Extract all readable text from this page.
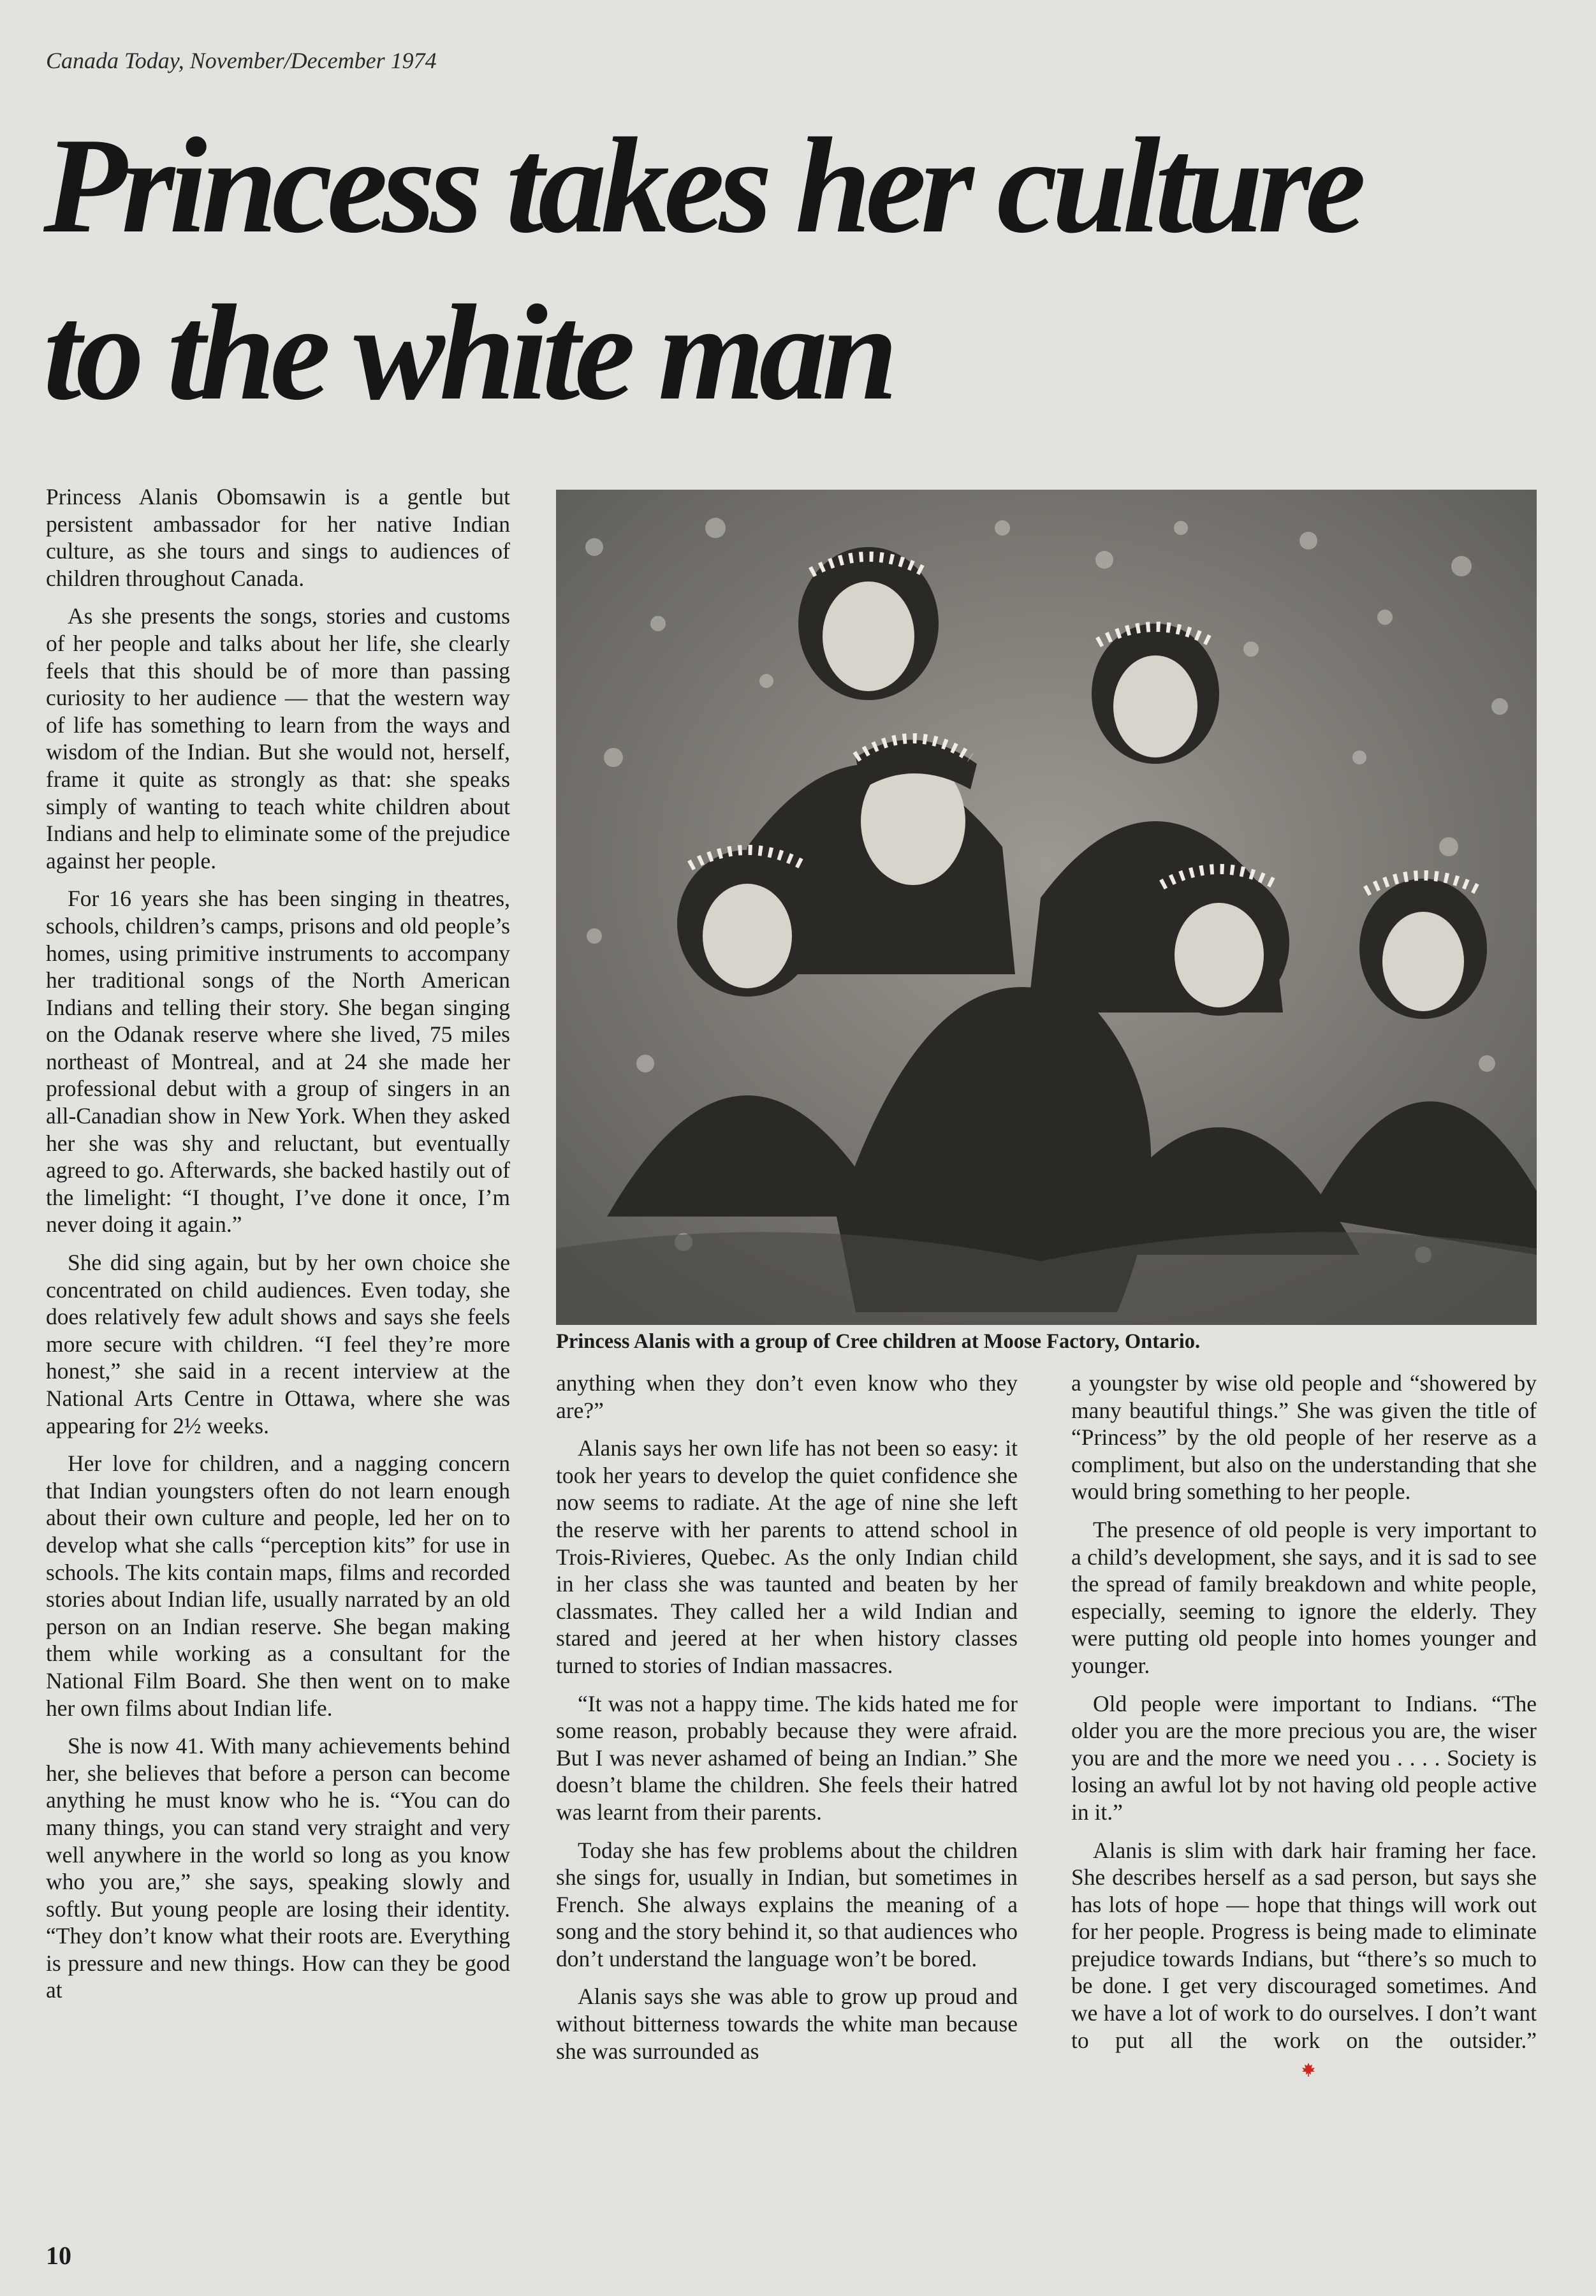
Canada Today, November/December 1974
Princess takes her culture
to the white man

Princess Alanis Obomsawin is a gentle but persistent ambassador for her native Indian culture, as she tours and sings to audiences of children throughout Canada.

As she presents the songs, stories and customs of her people and talks about her life, she clearly feels that this should be of more than passing curiosity to her audience — that the western way of life has something to learn from the ways and wisdom of the Indian. But she would not, herself, frame it quite as strongly as that: she speaks simply of wanting to teach white children about Indians and help to eliminate some of the prejudice against her people.

For 16 years she has been singing in theatres, schools, children’s camps, prisons and old people’s homes, using primitive instruments to accompany her traditional songs of the North American Indians and telling their story. She began singing on the Odanak reserve where she lived, 75 miles northeast of Montreal, and at 24 she made her professional debut with a group of singers in an all-Canadian show in New York. When they asked her she was shy and reluctant, but eventually agreed to go. Afterwards, she backed hastily out of the limelight: “I thought, I’ve done it once, I’m never doing it again.”

She did sing again, but by her own choice she concentrated on child audiences. Even today, she does relatively few adult shows and says she feels more secure with children. “I feel they’re more honest,” she said in a recent interview at the National Arts Centre in Ottawa, where she was appearing for 2½ weeks.

Her love for children, and a nagging concern that Indian youngsters often do not learn enough about their own culture and people, led her on to develop what she calls “perception kits” for use in schools. The kits contain maps, films and recorded stories about Indian life, usually narrated by an old person on an Indian reserve. She began making them while working as a consultant for the National Film Board. She then went on to make her own films about Indian life.

She is now 41. With many achievements behind her, she believes that before a person can become anything he must know who he is. “You can do many things, you can stand very straight and very well anywhere in the world so long as you know who you are,” she says, speaking slowly and softly. But young people are losing their identity. “They don’t know what their roots are. Everything is pressure and new things. How can they be good at

Princess Alanis with a group of Cree children at Moose Factory, Ontario.

anything when they don’t even know who they are?”

Alanis says her own life has not been so easy: it took her years to develop the quiet confidence she now seems to radiate. At the age of nine she left the reserve with her parents to attend school in Trois-Rivieres, Quebec. As the only Indian child in her class she was taunted and beaten by her classmates. They called her a wild Indian and stared and jeered at her when history classes turned to stories of Indian massacres.

“It was not a happy time. The kids hated me for some reason, probably because they were afraid. But I was never ashamed of being an Indian.” She doesn’t blame the children. She feels their hatred was learnt from their parents.

Today she has few problems about the children she sings for, usually in Indian, but sometimes in French. She always explains the meaning of a song and the story behind it, so that audiences who don’t understand the language won’t be bored.

Alanis says she was able to grow up proud and without bitterness towards the white man because she was surrounded as

a youngster by wise old people and “showered by many beautiful things.” She was given the title of “Princess” by the old people of her reserve as a compliment, but also on the understanding that she would bring something to her people.

The presence of old people is very important to a child’s development, she says, and it is sad to see the spread of family breakdown and white people, especially, seeming to ignore the elderly. They were putting old people into homes younger and younger.

Old people were important to Indians. “The older you are the more precious you are, the wiser you are and the more we need you . . . . Society is losing an awful lot by not having old people active in it.”

Alanis is slim with dark hair framing her face. She describes herself as a sad person, but says she has lots of hope — hope that things will work out for her people. Progress is being made to eliminate prejudice towards Indians, but “there’s so much to be done. I get very discouraged sometimes. And we have a lot of work to do ourselves. I don’t want to put all the work on the outsider.”

10
